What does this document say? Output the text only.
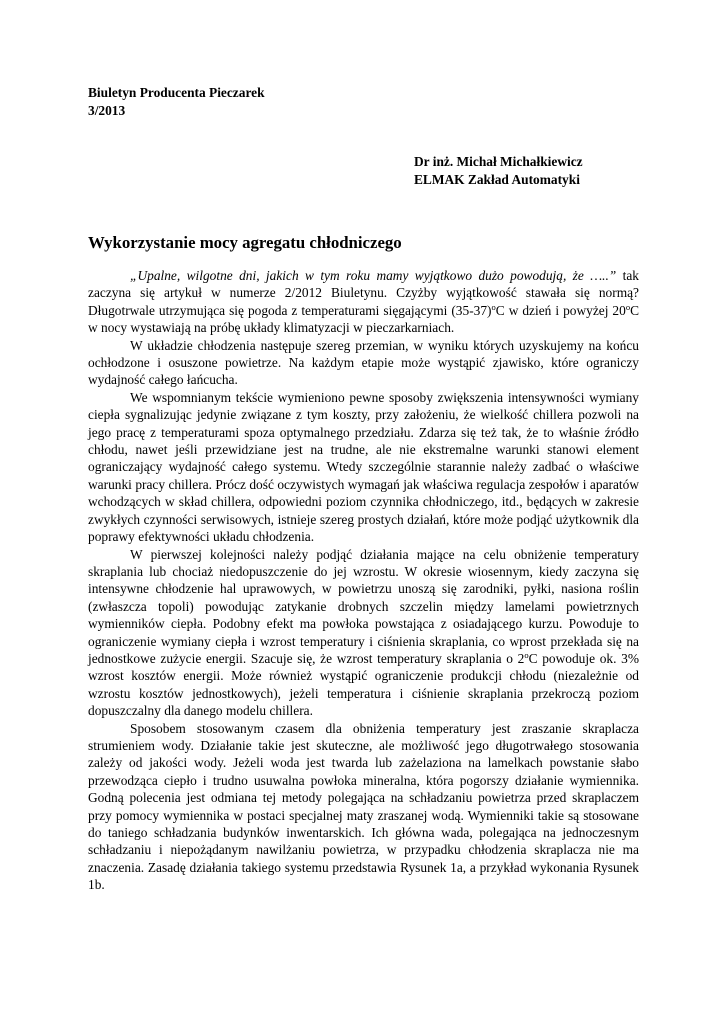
Biuletyn Producenta Pieczarek
3/2013
Dr inż. Michał Michałkiewicz
ELMAK Zakład Automatyki
Wykorzystanie mocy agregatu chłodniczego

„Upalne, wilgotne dni, jakich w tym roku mamy wyjątkowo dużo powodują, że …..” tak zaczyna się artykuł w numerze 2/2012 Biuletynu. Czyżby wyjątkowość stawała się normą? Długotrwale utrzymująca się pogoda z temperaturami sięgającymi $(35-37)^oC$ w dzień i powyżej 20$^o$C w nocy wystawiają na próbę układy klimatyzacji w pieczarkarniach.

W układzie chłodzenia następuje szereg przemian, w wyniku których uzyskujemy na końcu ochłodzone i osuszone powietrze. Na każdym etapie może wystąpić zjawisko, które ograniczy wydajność całego łańcucha.

We wspomnianym tekście wymieniono pewne sposoby zwiększenia intensywności wymiany ciepła sygnalizując jedynie związane z tym koszty, przy założeniu, że wielkość chillera pozwoli na jego pracę z temperaturami spoza optymalnego przedziału. Zdarza się też tak, że to właśnie źródło chłodu, nawet jeśli przewidziane jest na trudne, ale nie ekstremalne warunki stanowi element ograniczający wydajność całego systemu. Wtedy szczególnie starannie należy zadbać o właściwe warunki pracy chillera. Prócz dość oczywistych wymagań jak właściwa regulacja zespołów i aparatów wchodzących w skład chillera, odpowiedni poziom czynnika chłodniczego, itd., będących w zakresie zwykłych czynności serwisowych, istnieje szereg prostych działań, które może podjąć użytkownik dla poprawy efektywności układu chłodzenia.

W pierwszej kolejności należy podjąć działania mające na celu obniżenie temperatury skraplania lub chociaż niedopuszczenie do jej wzrostu. W okresie wiosennym, kiedy zaczyna się intensywne chłodzenie hal uprawowych, w powietrzu unoszą się zarodniki, pyłki, nasiona roślin (zwłaszcza topoli) powodując zatykanie drobnych szczelin między lamelami powietrznych wymienników ciepła. Podobny efekt ma powłoka powstająca z osiadającego kurzu. Powoduje to ograniczenie wymiany ciepła i wzrost temperatury i ciśnienia skraplania, co wprost przekłada się na jednostkowe zużycie energii. Szacuje się, że wzrost temperatury skraplania o 2$^o$C powoduje ok. 3% wzrost kosztów energii. Może również wystąpić ograniczenie produkcji chłodu (niezależnie od wzrostu kosztów jednostkowych), jeżeli temperatura i ciśnienie skraplania przekroczą poziom dopuszczalny dla danego modelu chillera.

Sposobem stosowanym czasem dla obniżenia temperatury jest zraszanie skraplacza strumieniem wody. Działanie takie jest skuteczne, ale możliwość jego długotrwałego stosowania zależy od jakości wody. Jeżeli woda jest twarda lub zażelaziona na lamelkach powstanie słabo przewodząca ciepło i trudno usuwalna powłoka mineralna, która pogorszy działanie wymiennika. Godną polecenia jest odmiana tej metody polegająca na schładzaniu powietrza przed skraplaczem przy pomocy wymiennika w postaci specjalnej maty zraszanej wodą. Wymienniki takie są stosowane do taniego schładzania budynków inwentarskich. Ich główna wada, polegająca na jednoczesnym schładzaniu i niepożądanym nawilżaniu powietrza, w przypadku chłodzenia skraplacza nie ma znaczenia. Zasadę działania takiego systemu przedstawia Rysunek 1a, a przykład wykonania Rysunek 1b.
